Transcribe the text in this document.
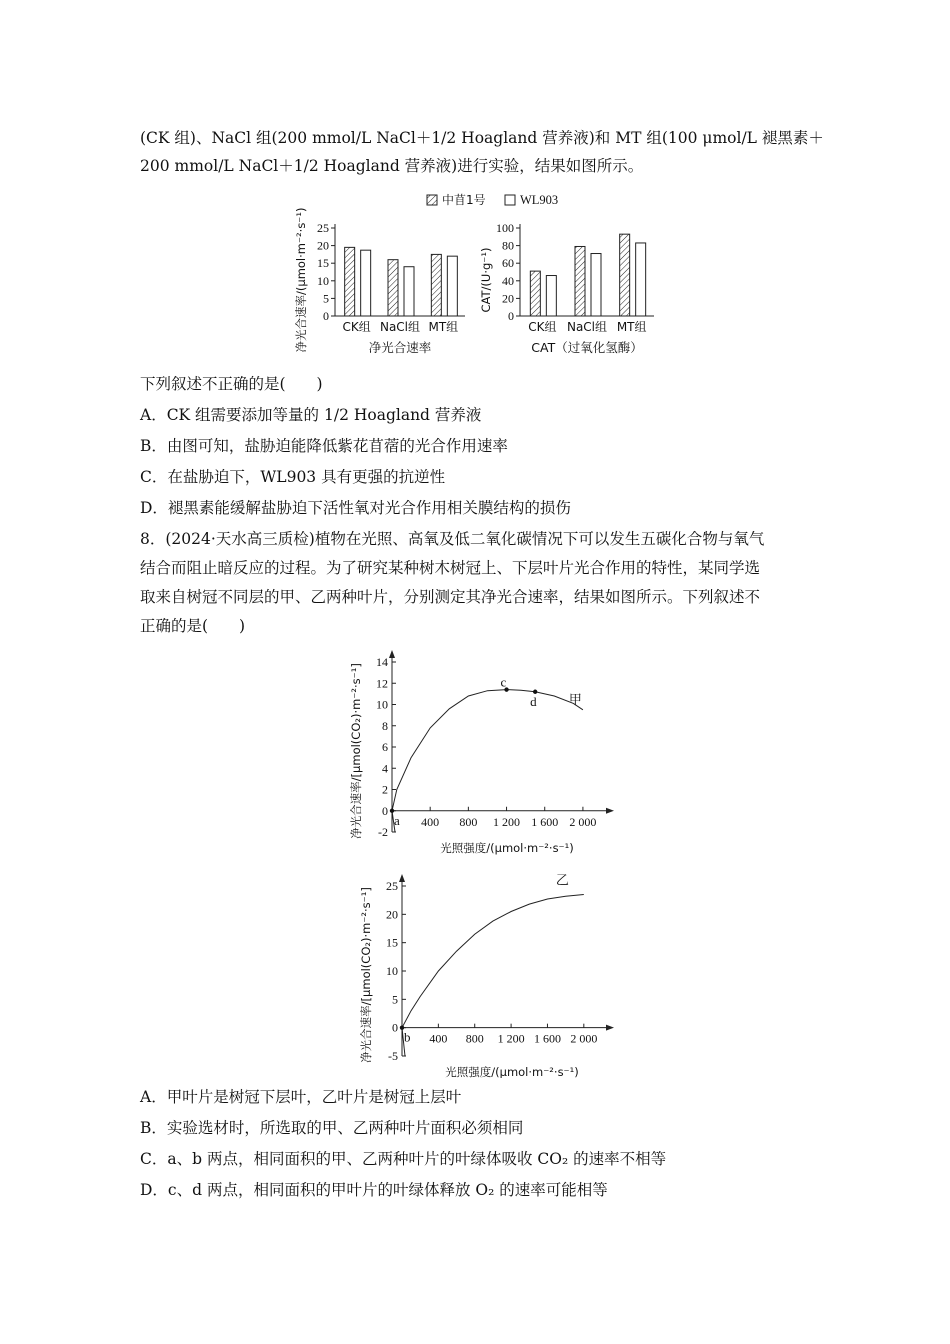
(CK 组)、NaCl 组(200 mmol/L NaCl＋1/2 Hoagland 营养液)和 MT 组(100 μmol/L 褪黑素＋
200 mmol/L NaCl＋1/2 Hoagland 营养液)进行实验，结果如图所示。
中苜1号	WL903
0
5
10
15
20
25
CK组 NaCl组 MT组
净光合速率/(μmol·m⁻²·s⁻¹)	净光合速率
0
20
40
60
80
100
CK组 NaCl组 MT组
CAT/(U·g⁻¹)
CAT（过氧化氢酶）
下列叙述不正确的是(　　)
A．CK 组需要添加等量的 1/2 Hoagland 营养液
B．由图可知，盐胁迫能降低紫花苜蓿的光合作用速率
C．在盐胁迫下，WL903 具有更强的抗逆性
D．褪黑素能缓解盐胁迫下活性氧对光合作用相关膜结构的损伤
8．(2024·天水高三质检)植物在光照、高氧及低二氧化碳情况下可以发生五碳化合物与氧气
结合而阻止暗反应的过程。为了研究某种树木树冠上、下层叶片光合作用的特性，某同学选
取来自树冠不同层的甲、乙两种叶片，分别测定其净光合速率，结果如图所示。下列叙述不
正确的是(　　)
-2
0
2
4
6
8
10
12
14
400 800 1 200 1 600 2 000
a
c
d 甲
净光合速率/[μmol(CO₂)·m⁻²·s⁻¹]
光照强度/(μmol·m⁻²·s⁻¹)
-5
0
5
10
15
20
25
400 800 1 200 1 600 2 000
b
乙
净光合速率/[μmol(CO₂)·m⁻²·s⁻¹]
光照强度/(μmol·m⁻²·s⁻¹)
A．甲叶片是树冠下层叶，乙叶片是树冠上层叶
B．实验选材时，所选取的甲、乙两种叶片面积必须相同
C．a、b 两点，相同面积的甲、乙两种叶片的叶绿体吸收 CO₂ 的速率不相等
D．c、d 两点，相同面积的甲叶片的叶绿体释放 O₂ 的速率可能相等
